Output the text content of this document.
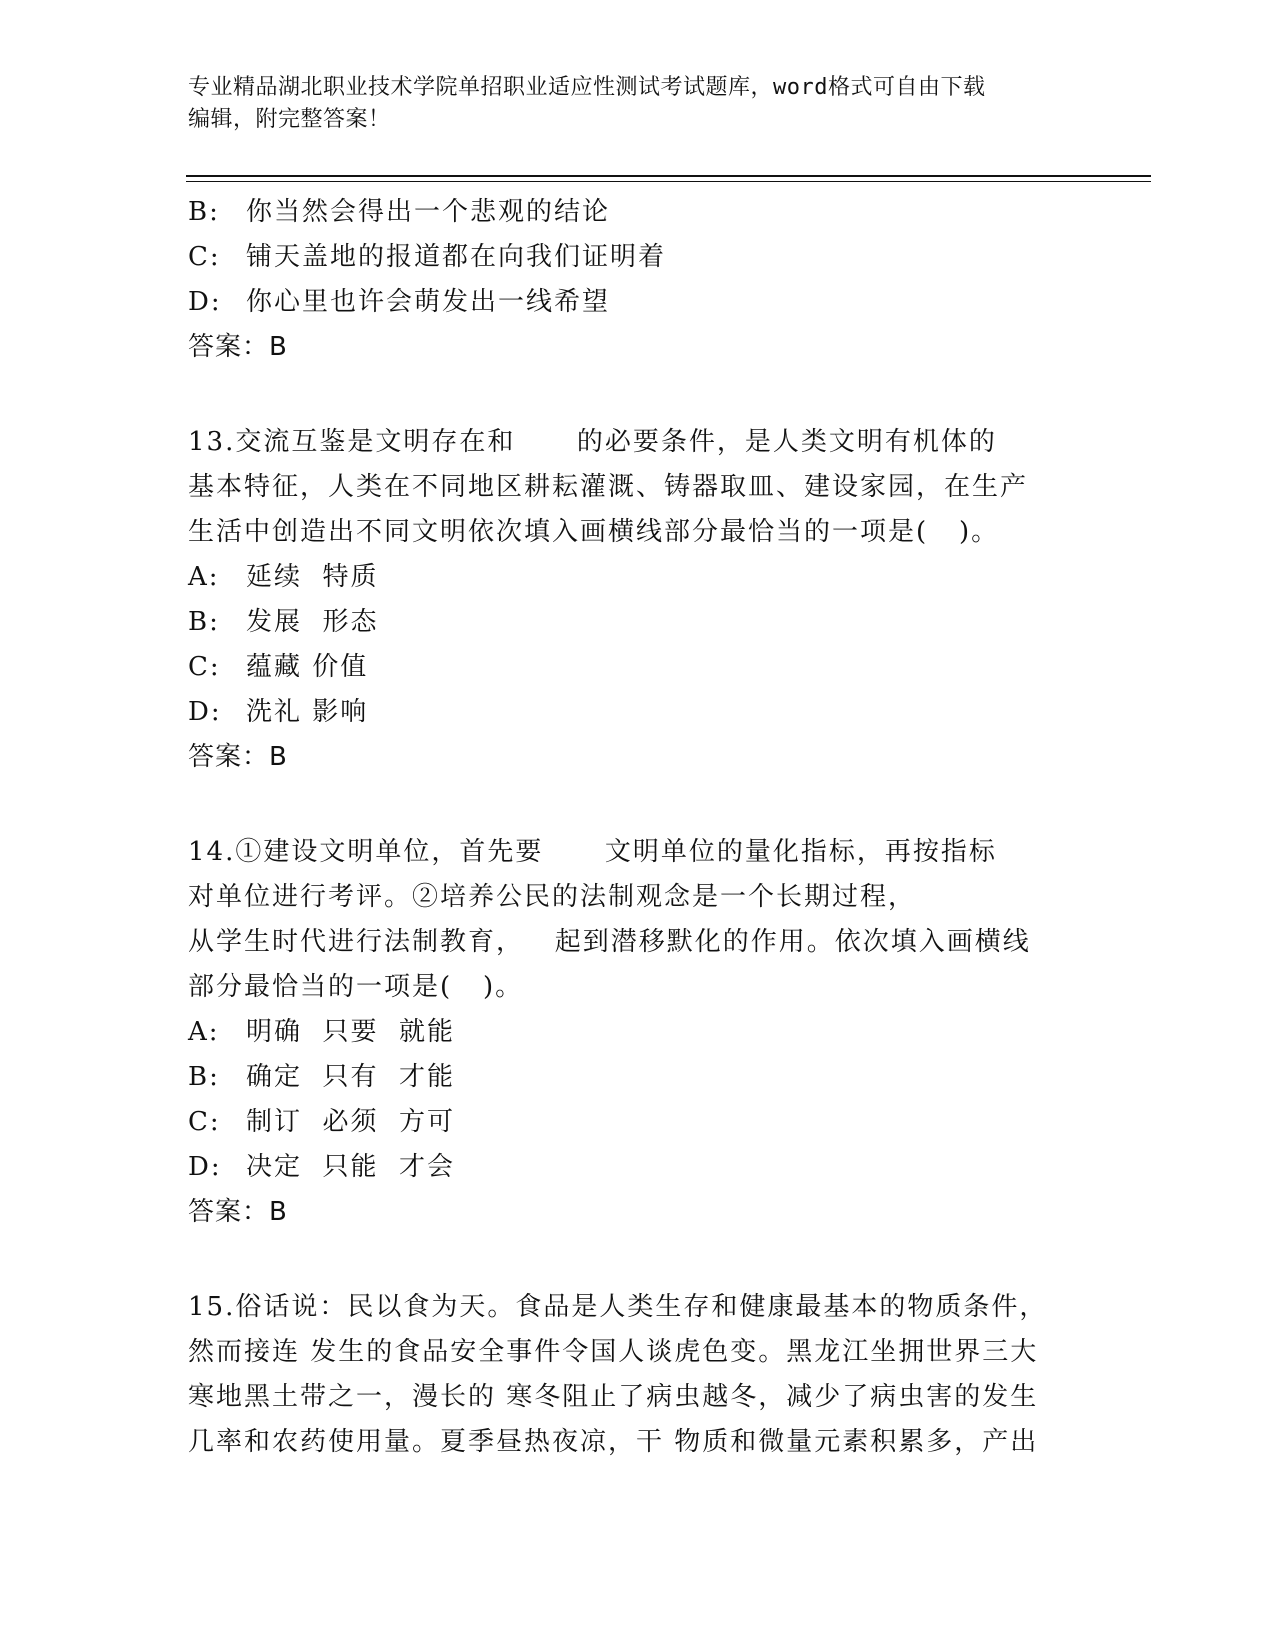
专业精品湖北职业技术学院单招职业适应性测试考试题库，word格式可自由下载
编辑，附完整答案！
B: 你当然会得出一个悲观的结论
C: 铺天盖地的报道都在向我们证明着
D: 你心里也许会萌发出一线希望
答案：B
13.交流互鉴是文明存在和      的必要条件，是人类文明有机体的
基本特征，人类在不同地区耕耘灌溉、铸器取皿、建设家园，在生产
生活中创造出不同文明依次填入画横线部分最恰当的一项是(   )。
A: 延续  特质
B: 发展  形态
C: 蕴藏 价值
D: 洗礼 影响
答案：B
14.①建设文明单位，首先要      文明单位的量化指标，再按指标
对单位进行考评。②培养公民的法制观念是一个长期过程，
从学生时代进行法制教育，   起到潜移默化的作用。依次填入画横线
部分最恰当的一项是(   )。
A: 明确  只要  就能
B: 确定  只有  才能
C: 制订  必须  方可
D: 决定  只能  才会
答案：B
15.俗话说：民以食为天。食品是人类生存和健康最基本的物质条件，
然而接连 发生的食品安全事件令国人谈虎色变。黑龙江坐拥世界三大
寒地黑土带之一，漫长的 寒冬阻止了病虫越冬，减少了病虫害的发生
几率和农药使用量。夏季昼热夜凉，干 物质和微量元素积累多，产出
